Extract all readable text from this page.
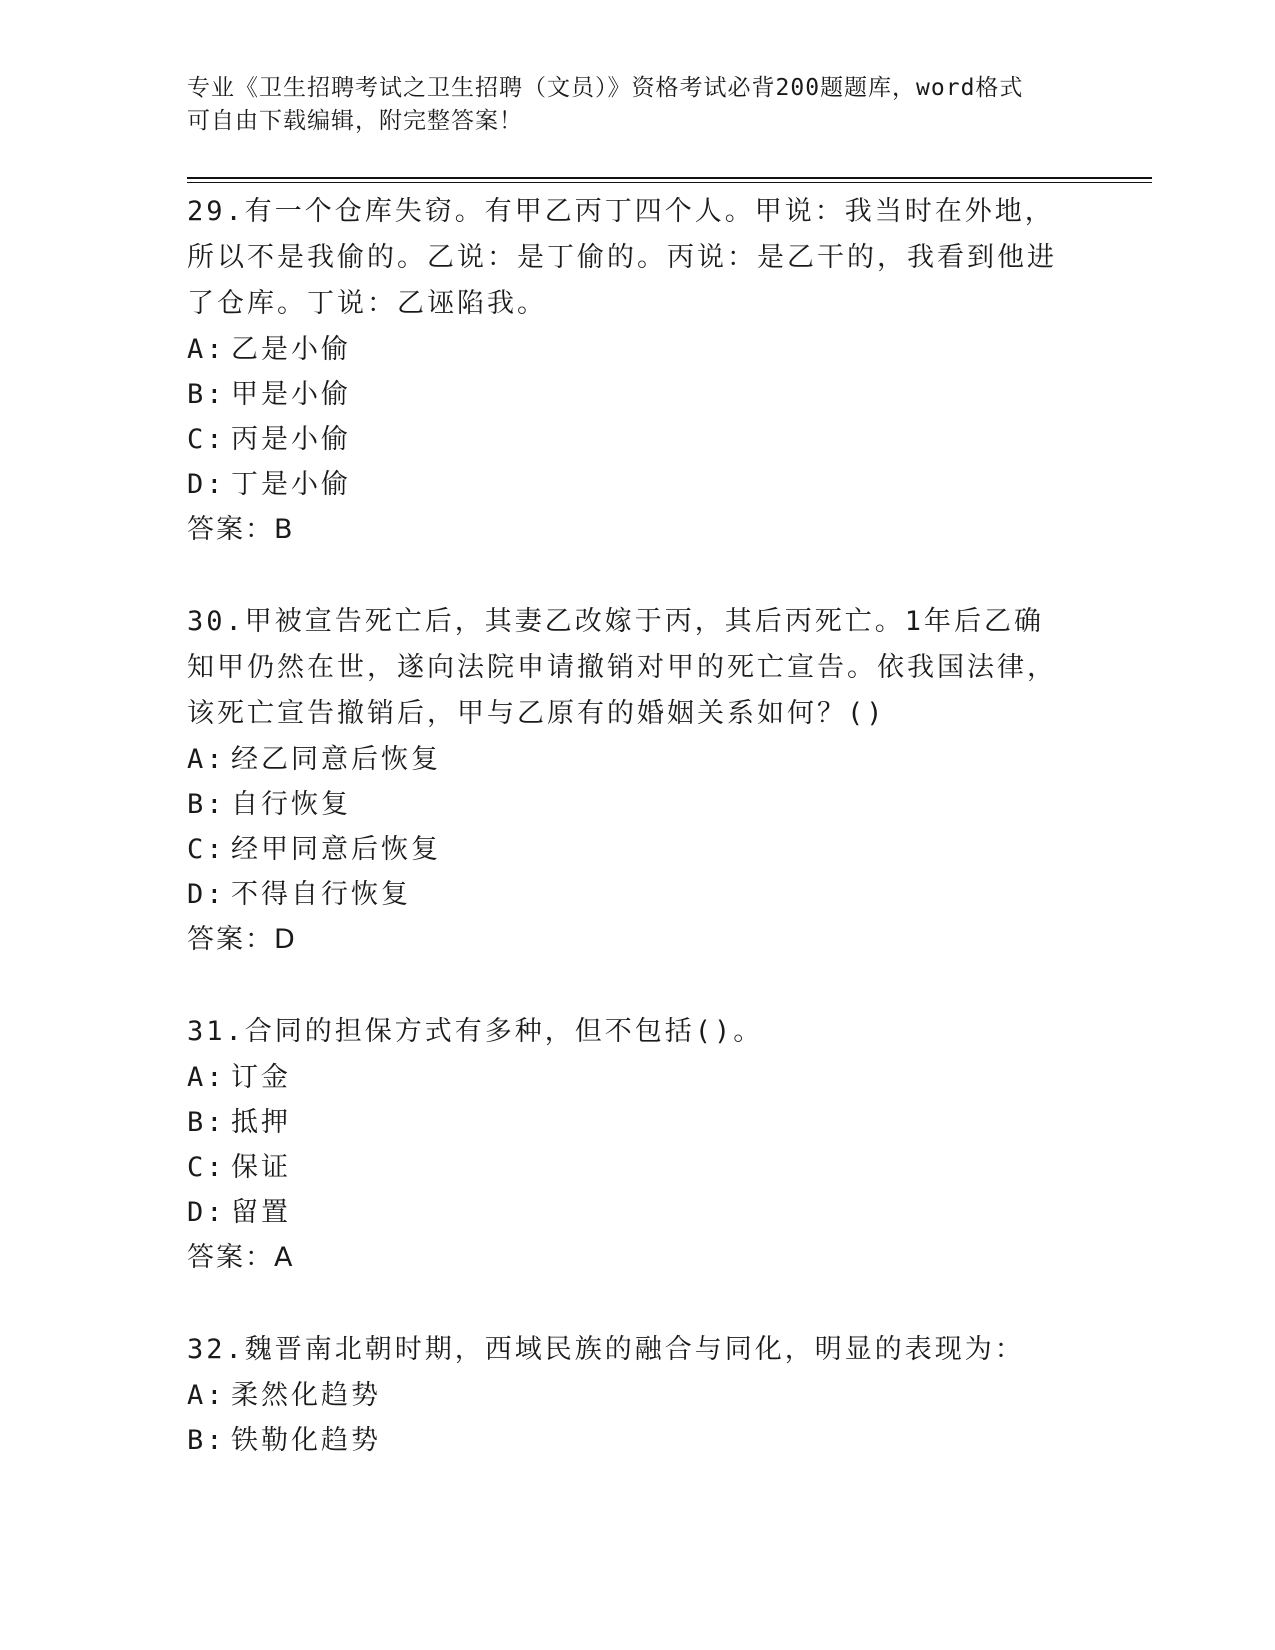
专业《卫生招聘考试之卫生招聘（文员）》资格考试必背200题题库，word格式
可自由下载编辑，附完整答案！
29.有一个仓库失窃。有甲乙丙丁四个人。甲说：我当时在外地，所以不是我偷的。乙说：是丁偷的。丙说：是乙干的，我看到他进了仓库。丁说：乙诬陷我。
A: 乙是小偷
B: 甲是小偷
C: 丙是小偷
D: 丁是小偷
答案：B
30.甲被宣告死亡后，其妻乙改嫁于丙，其后丙死亡。1年后乙确知甲仍然在世，遂向法院申请撤销对甲的死亡宣告。依我国法律，该死亡宣告撤销后，甲与乙原有的婚姻关系如何？()
A: 经乙同意后恢复
B: 自行恢复
C: 经甲同意后恢复
D: 不得自行恢复
答案：D
31.合同的担保方式有多种，但不包括()。
A: 订金
B: 抵押
C: 保证
D: 留置
答案：A
32.魏晋南北朝时期，西域民族的融合与同化，明显的表现为：
A: 柔然化趋势
B: 铁勒化趋势
